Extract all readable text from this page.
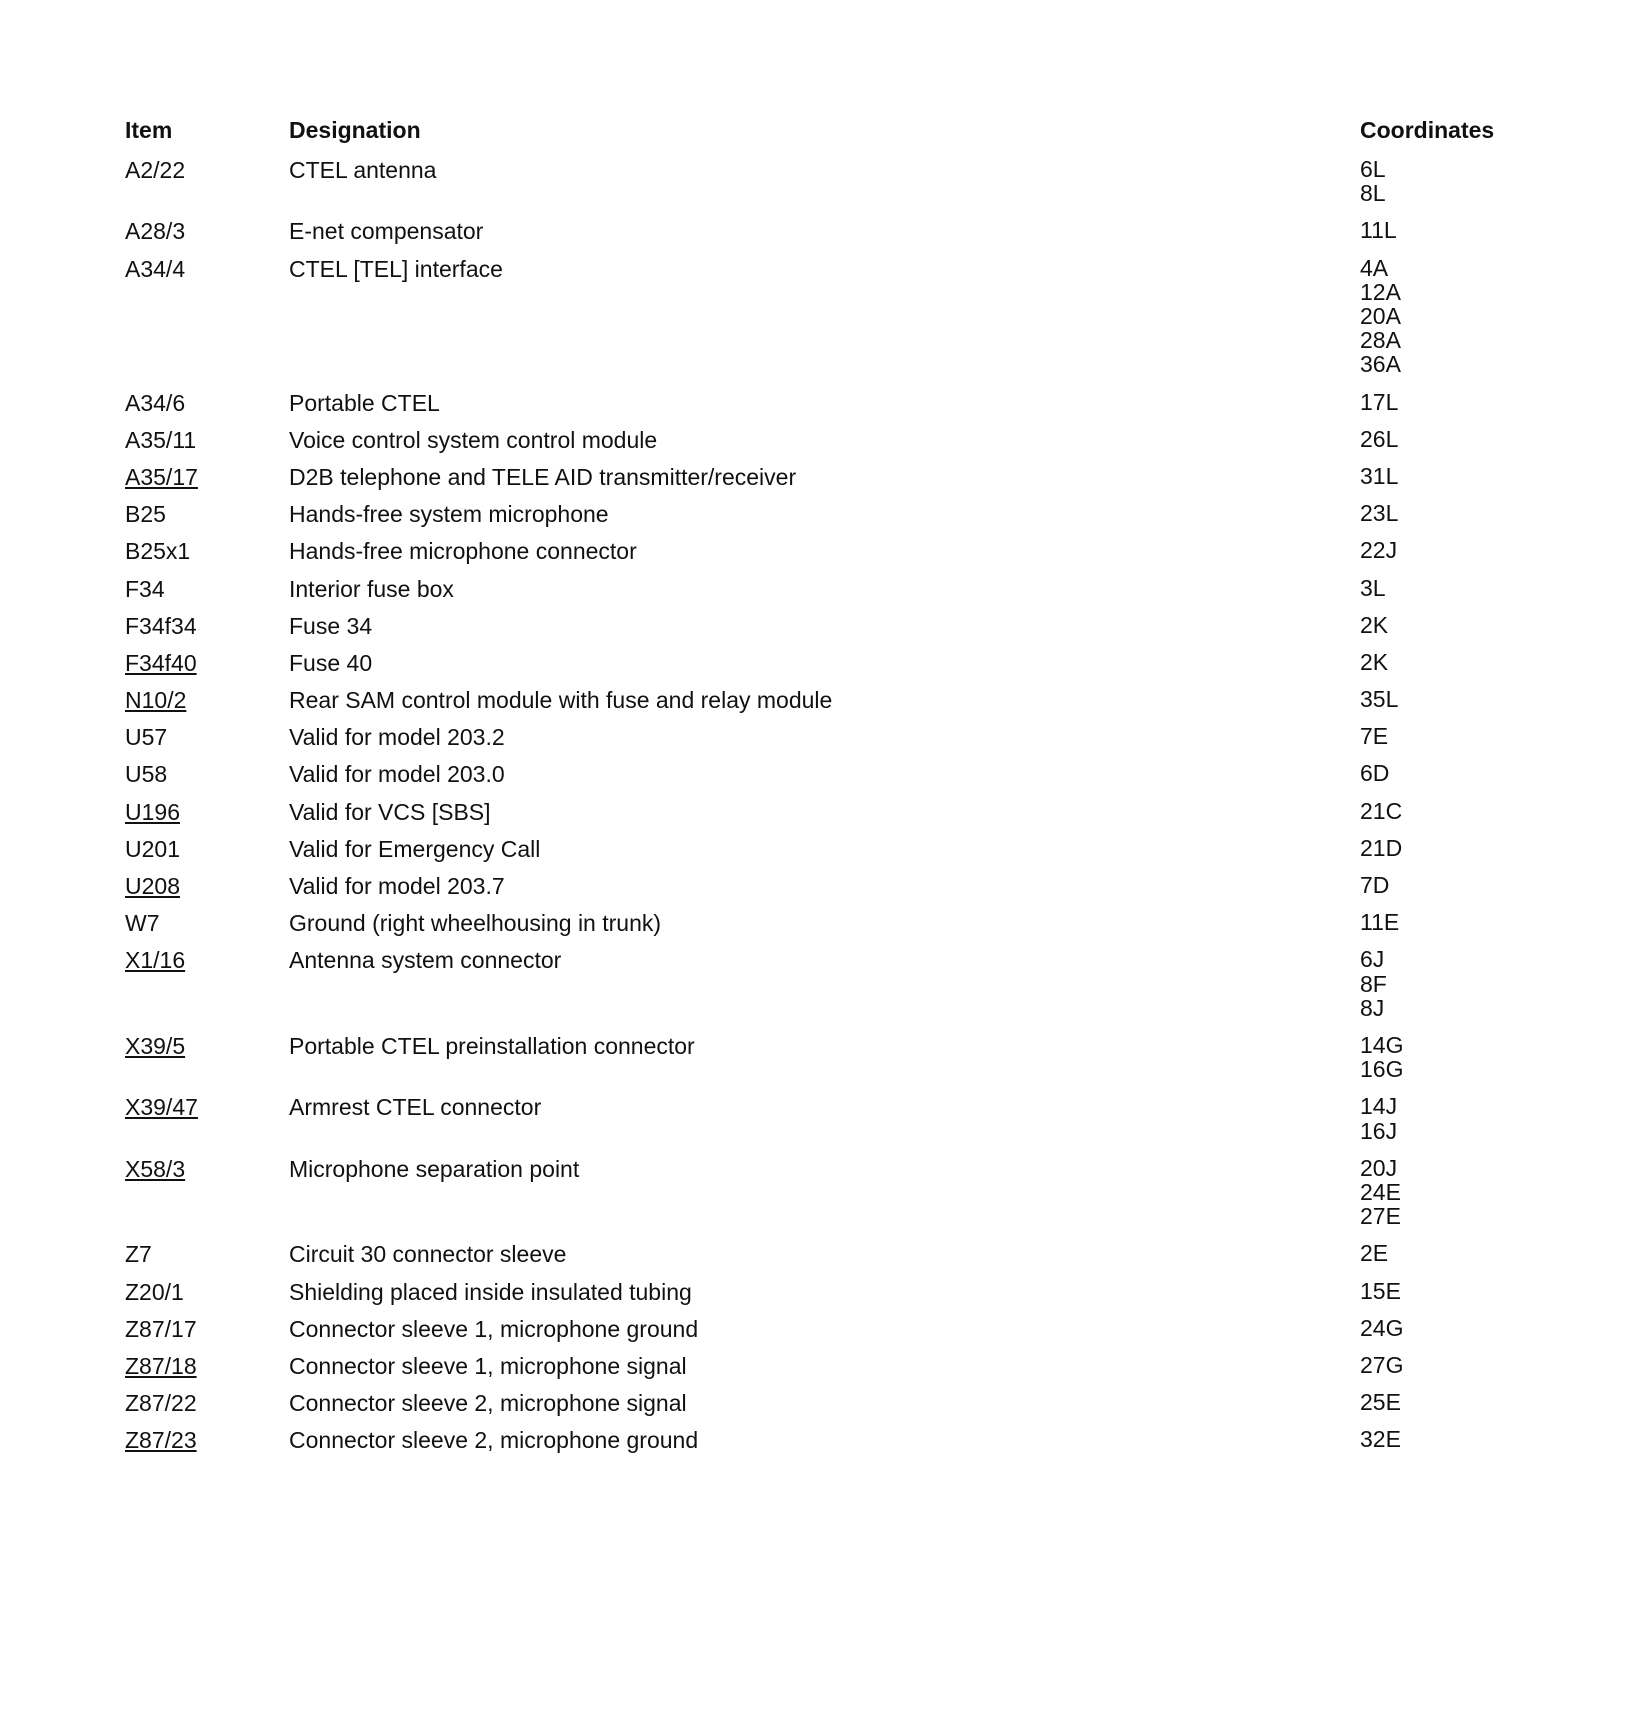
Item	Designation	Coordinates
A2/22	CTEL antenna	6L
8L
A28/3	E-net compensator	11L
A34/4	CTEL [TEL] interface	4A
12A
20A
28A
36A
A34/6	Portable CTEL	17L
A35/11	Voice control system control module	26L
A35/17	D2B telephone and TELE AID transmitter/receiver	31L
B25	Hands-free system microphone	23L
B25x1	Hands-free microphone connector	22J
F34	Interior fuse box	3L
F34f34	Fuse 34	2K
F34f40	Fuse 40	2K
N10/2	Rear SAM control module with fuse and relay module	35L
U57	Valid for model 203.2	7E
U58	Valid for model 203.0	6D
U196	Valid for VCS [SBS]	21C
U201	Valid for Emergency Call	21D
U208	Valid for model 203.7	7D
W7	Ground (right wheelhousing in trunk)	11E
X1/16	Antenna system connector	6J
8F
8J
X39/5	Portable CTEL preinstallation connector	14G
16G
X39/47	Armrest CTEL connector	14J
16J
X58/3	Microphone separation point	20J
24E
27E
Z7	Circuit 30 connector sleeve	2E
Z20/1	Shielding placed inside insulated tubing	15E
Z87/17	Connector sleeve 1, microphone ground	24G
Z87/18	Connector sleeve 1, microphone signal	27G
Z87/22	Connector sleeve 2, microphone signal	25E
Z87/23	Connector sleeve 2, microphone ground	32E
